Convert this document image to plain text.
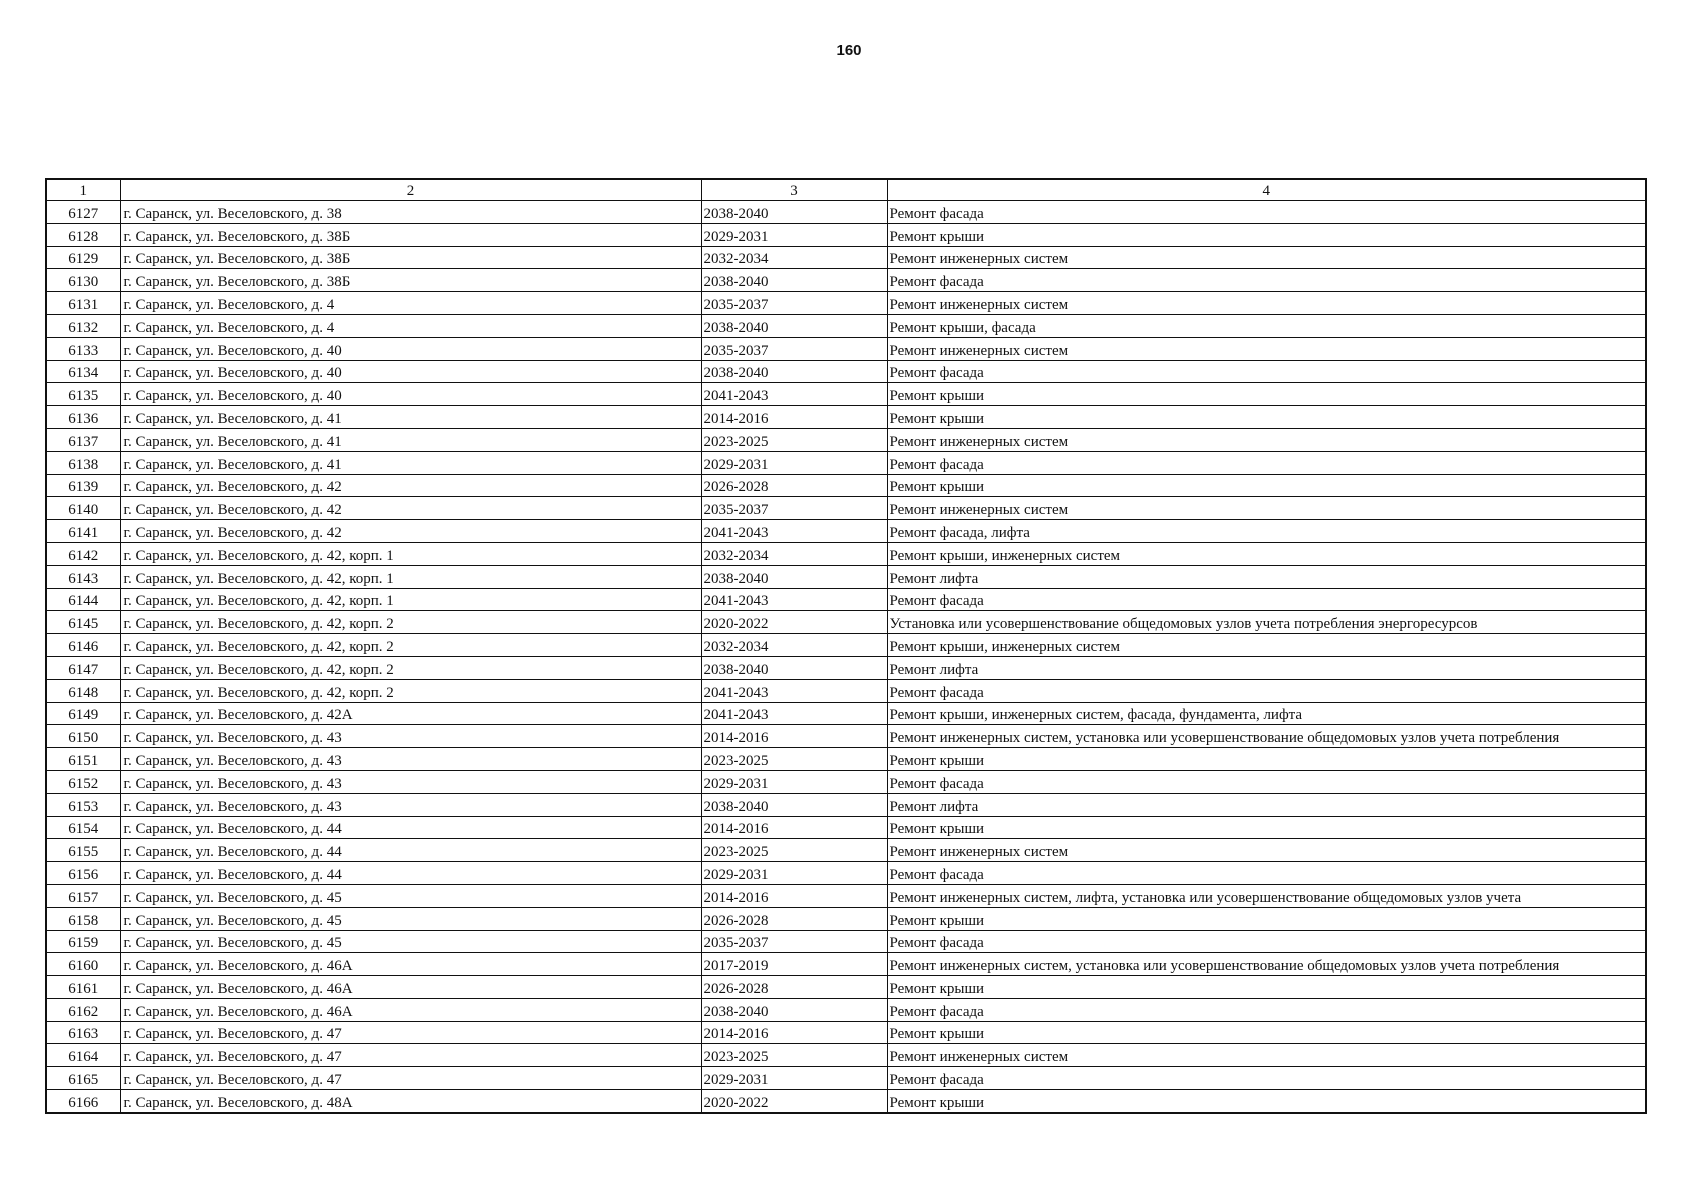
160
1	2	3	4
6127	г. Саранск, ул. Веселовского, д. 38	2038-2040	Ремонт фасада
6128	г. Саранск, ул. Веселовского, д. 38Б	2029-2031	Ремонт крыши
6129	г. Саранск, ул. Веселовского, д. 38Б	2032-2034	Ремонт инженерных систем
6130	г. Саранск, ул. Веселовского, д. 38Б	2038-2040	Ремонт фасада
6131	г. Саранск, ул. Веселовского, д. 4	2035-2037	Ремонт инженерных систем
6132	г. Саранск, ул. Веселовского, д. 4	2038-2040	Ремонт крыши, фасада
6133	г. Саранск, ул. Веселовского, д. 40	2035-2037	Ремонт инженерных систем
6134	г. Саранск, ул. Веселовского, д. 40	2038-2040	Ремонт фасада
6135	г. Саранск, ул. Веселовского, д. 40	2041-2043	Ремонт крыши
6136	г. Саранск, ул. Веселовского, д. 41	2014-2016	Ремонт крыши
6137	г. Саранск, ул. Веселовского, д. 41	2023-2025	Ремонт инженерных систем
6138	г. Саранск, ул. Веселовского, д. 41	2029-2031	Ремонт фасада
6139	г. Саранск, ул. Веселовского, д. 42	2026-2028	Ремонт крыши
6140	г. Саранск, ул. Веселовского, д. 42	2035-2037	Ремонт инженерных систем
6141	г. Саранск, ул. Веселовского, д. 42	2041-2043	Ремонт фасада, лифта
6142	г. Саранск, ул. Веселовского, д. 42, корп. 1	2032-2034	Ремонт крыши, инженерных систем
6143	г. Саранск, ул. Веселовского, д. 42, корп. 1	2038-2040	Ремонт лифта
6144	г. Саранск, ул. Веселовского, д. 42, корп. 1	2041-2043	Ремонт фасада
6145	г. Саранск, ул. Веселовского, д. 42, корп. 2	2020-2022	Установка или усовершенствование общедомовых узлов учета потребления энергоресурсов
6146	г. Саранск, ул. Веселовского, д. 42, корп. 2	2032-2034	Ремонт крыши, инженерных систем
6147	г. Саранск, ул. Веселовского, д. 42, корп. 2	2038-2040	Ремонт лифта
6148	г. Саранск, ул. Веселовского, д. 42, корп. 2	2041-2043	Ремонт фасада
6149	г. Саранск, ул. Веселовского, д. 42А	2041-2043	Ремонт крыши, инженерных систем, фасада, фундамента, лифта
6150	г. Саранск, ул. Веселовского, д. 43	2014-2016	Ремонт инженерных систем, установка или усовершенствование общедомовых узлов учета потребления
6151	г. Саранск, ул. Веселовского, д. 43	2023-2025	Ремонт крыши
6152	г. Саранск, ул. Веселовского, д. 43	2029-2031	Ремонт фасада
6153	г. Саранск, ул. Веселовского, д. 43	2038-2040	Ремонт лифта
6154	г. Саранск, ул. Веселовского, д. 44	2014-2016	Ремонт крыши
6155	г. Саранск, ул. Веселовского, д. 44	2023-2025	Ремонт инженерных систем
6156	г. Саранск, ул. Веселовского, д. 44	2029-2031	Ремонт фасада
6157	г. Саранск, ул. Веселовского, д. 45	2014-2016	Ремонт инженерных систем, лифта, установка или усовершенствование общедомовых узлов учета
6158	г. Саранск, ул. Веселовского, д. 45	2026-2028	Ремонт крыши
6159	г. Саранск, ул. Веселовского, д. 45	2035-2037	Ремонт фасада
6160	г. Саранск, ул. Веселовского, д. 46А	2017-2019	Ремонт инженерных систем, установка или усовершенствование общедомовых узлов учета потребления
6161	г. Саранск, ул. Веселовского, д. 46А	2026-2028	Ремонт крыши
6162	г. Саранск, ул. Веселовского, д. 46А	2038-2040	Ремонт фасада
6163	г. Саранск, ул. Веселовского, д. 47	2014-2016	Ремонт крыши
6164	г. Саранск, ул. Веселовского, д. 47	2023-2025	Ремонт инженерных систем
6165	г. Саранск, ул. Веселовского, д. 47	2029-2031	Ремонт фасада
6166	г. Саранск, ул. Веселовского, д. 48А	2020-2022	Ремонт крыши
